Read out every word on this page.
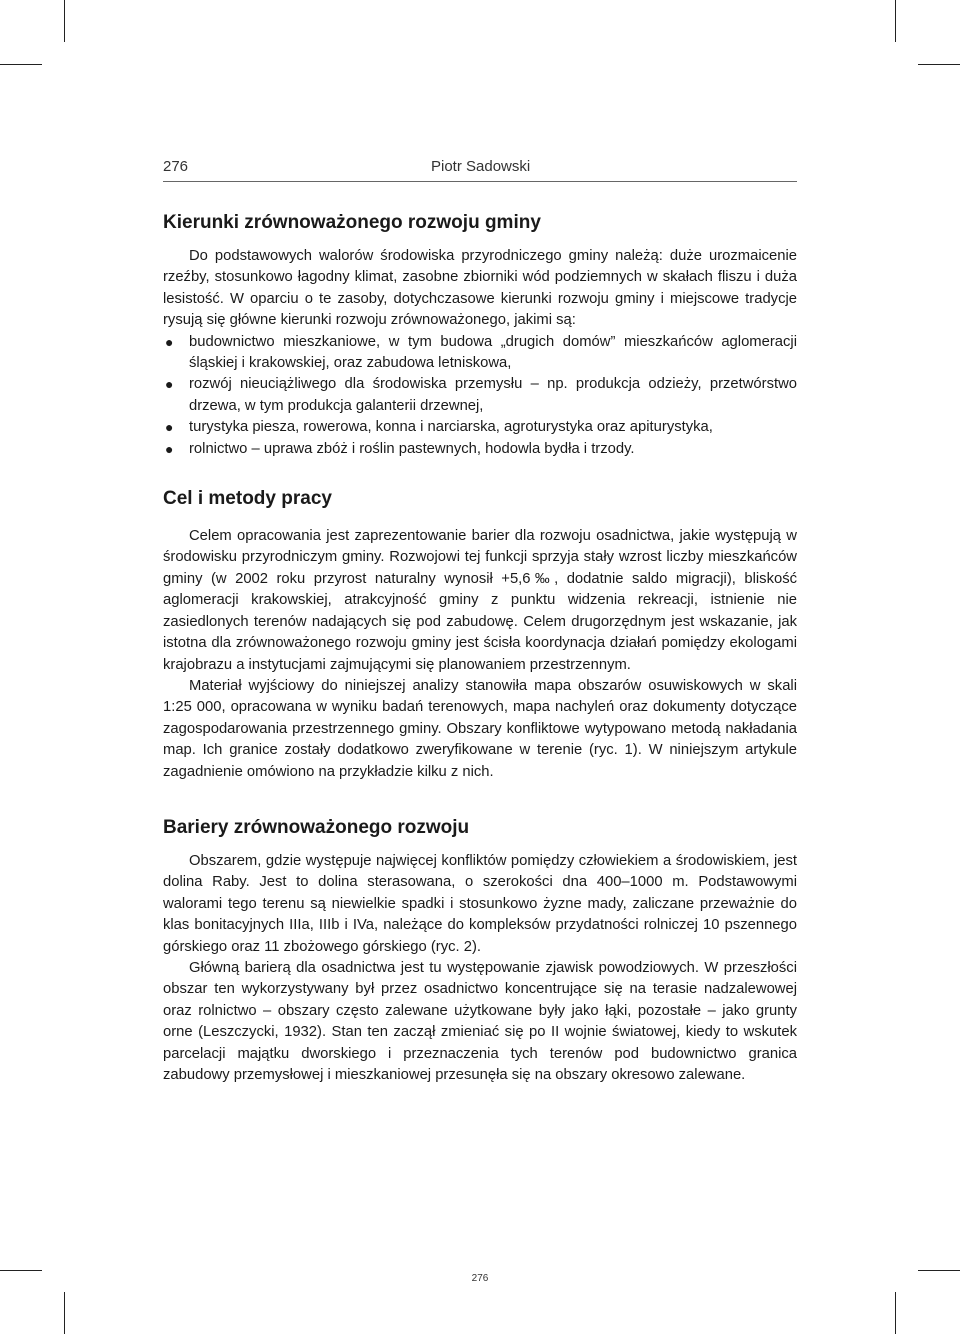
276	Piotr Sadowski
Kierunki zrównoważonego rozwoju gminy

Do podstawowych walorów środowiska przyrodniczego gminy należą: duże urozmaicenie rzeźby, stosunkowo łagodny klimat, zasobne zbiorniki wód podziemnych w skałach fliszu i duża lesistość. W oparciu o te zasoby, dotychczasowe kierunki rozwoju gminy i miejscowe tradycje rysują się główne kierunki rozwoju zrównoważonego, jakimi są:

● budownictwo mieszkaniowe, w tym budowa „drugich domów” mieszkańców aglomeracji śląskiej i krakowskiej, oraz zabudowa letniskowa,
● rozwój nieuciążliwego dla środowiska przemysłu – np. produkcja odzieży, przetwórstwo drzewa, w tym produkcja galanterii drzewnej,
● turystyka piesza, rowerowa, konna i narciarska, agroturystyka oraz apiturystyka,
● rolnictwo – uprawa zbóż i roślin pastewnych, hodowla bydła i trzody.
Cel i metody pracy

Celem opracowania jest zaprezentowanie barier dla rozwoju osadnictwa, jakie występują w środowisku przyrodniczym gminy. Rozwojowi tej funkcji sprzyja stały wzrost liczby mieszkańców gminy (w 2002 roku przyrost naturalny wynosił +5,6‰, dodatnie saldo migracji), bliskość aglomeracji krakowskiej, atrakcyjność gminy z punktu widzenia rekreacji, istnienie nie zasiedlonych terenów nadających się pod zabudowę. Celem drugorzędnym jest wskazanie, jak istotna dla zrównoważonego rozwoju gminy jest ścisła koordynacja działań pomiędzy ekologami krajobrazu a instytucjami zajmującymi się planowaniem przestrzennym.

Materiał wyjściowy do niniejszej analizy stanowiła mapa obszarów osuwiskowych w skali 1:25 000, opracowana w wyniku badań terenowych, mapa nachyleń oraz dokumenty dotyczące zagospodarowania przestrzennego gminy. Obszary konfliktowe wytypowano metodą nakładania map. Ich granice zostały dodatkowo zweryfikowane w terenie (ryc. 1). W niniejszym artykule zagadnienie omówiono na przykładzie kilku z nich.

Bariery zrównoważonego rozwoju

Obszarem, gdzie występuje najwięcej konfliktów pomiędzy człowiekiem a środowiskiem, jest dolina Raby. Jest to dolina sterasowana, o szerokości dna 400–1000 m. Podstawowymi walorami tego terenu są niewielkie spadki i stosunkowo żyzne mady, zaliczane przeważnie do klas bonitacyjnych IIIa, IIIb i IVa, należące do kompleksów przydatności rolniczej 10 pszennego górskiego oraz 11 zbożowego górskiego (ryc. 2).

Główną barierą dla osadnictwa jest tu występowanie zjawisk powodziowych. W przeszłości obszar ten wykorzystywany był przez osadnictwo koncentrujące się na terasie nadzalewowej oraz rolnictwo – obszary często zalewane użytkowane były jako łąki, pozostałe – jako grunty orne (Leszczycki, 1932). Stan ten zaczął zmieniać się po II wojnie światowej, kiedy to wskutek parcelacji majątku dworskiego i przeznaczenia tych terenów pod budownictwo granica zabudowy przemysłowej i mieszkaniowej przesunęła się na obszary okresowo zalewane.

276
